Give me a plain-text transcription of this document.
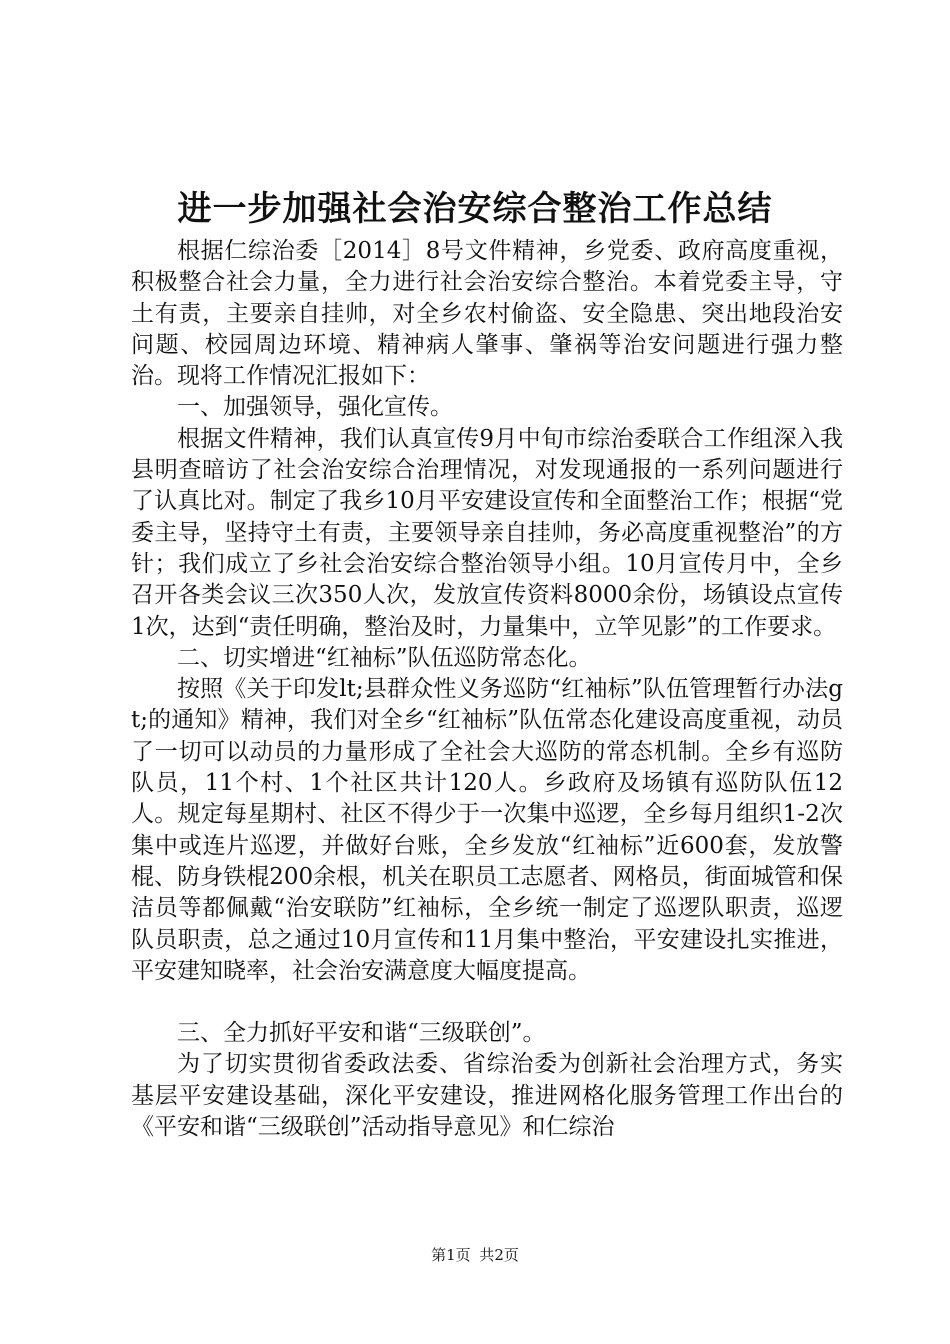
进一步加强社会治安综合整治工作总结

根据仁综治委［2014］8号文件精神，乡党委、政府高度重视，积极整合社会力量，全力进行社会治安综合整治。本着党委主导，守土有责，主要亲自挂帅，对全乡农村偷盗、安全隐患、突出地段治安问题、校园周边环境、精神病人肇事、肇祸等治安问题进行强力整治。现将工作情况汇报如下：

一、加强领导，强化宣传。

根据文件精神，我们认真宣传9月中旬市综治委联合工作组深入我县明查暗访了社会治安综合治理情况，对发现通报的一系列问题进行了认真比对。制定了我乡10月平安建设宣传和全面整治工作；根据“党委主导，坚持守土有责，主要领导亲自挂帅，务必高度重视整治”的方针；我们成立了乡社会治安综合整治领导小组。10月宣传月中，全乡召开各类会议三次350人次，发放宣传资料8000余份，场镇设点宣传1次，达到“责任明确，整治及时，力量集中，立竿见影”的工作要求。

二、切实增进“红袖标”队伍巡防常态化。

按照《关于印发lt;县群众性义务巡防“红袖标”队伍管理暂行办法gt;的通知》精神，我们对全乡“红袖标”队伍常态化建设高度重视，动员了一切可以动员的力量形成了全社会大巡防的常态机制。全乡有巡防队员，11个村、1个社区共计120人。乡政府及场镇有巡防队伍12人。规定每星期村、社区不得少于一次集中巡逻，全乡每月组织1-2次集中或连片巡逻，并做好台账，全乡发放“红袖标”近600套，发放警棍、防身铁棍200余根，机关在职员工志愿者、网格员，街面城管和保洁员等都佩戴“治安联防”红袖标，全乡统一制定了巡逻队职责，巡逻队员职责，总之通过10月宣传和11月集中整治，平安建设扎实推进，平安建知晓率，社会治安满意度大幅度提高。

三、全力抓好平安和谐“三级联创”。

为了切实贯彻省委政法委、省综治委为创新社会治理方式，务实基层平安建设基础，深化平安建设，推进网格化服务管理工作出台的《平安和谐“三级联创”活动指导意见》和仁综治

第1页 共2页
